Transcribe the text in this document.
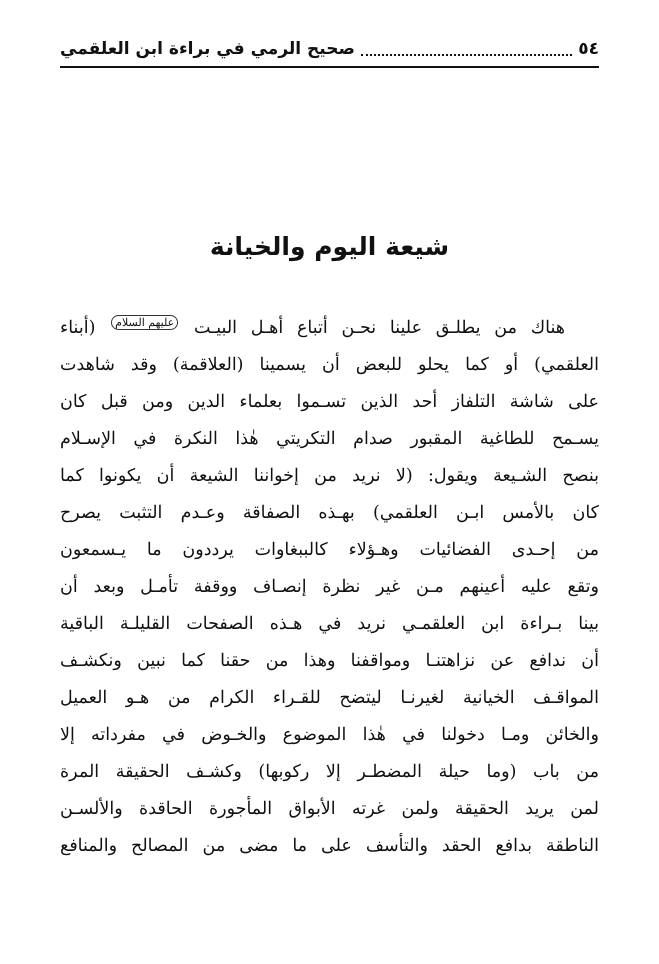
٥٤
صحيح الرمي في براءة ابن العلقمي
شيعة اليوم والخيانة
هناك من يطلـق علينا نحـن أتباع أهـل البيـت عليهم السلام (أبناء
العلقمي) أو كما يحلو للبعض أن يسمينا (العلاقمة) وقد شاهدت
على شاشة التلفاز أحد الذين تسـموا بعلماء الدين ومن قبل كان
يسـمح للطاغية المقبور صدام التكريتي هٰذا النكرة في الإسـلام
بنصح الشـيعة ويقول: (لا نريد من إخواننا الشيعة أن يكونوا كما
كان بالأمس ابـن العلقمي) بهـذه الصفاقة وعـدم التثبت يصرح
من إحـدى الفضائيات وهـؤلاء كالببغاوات يرددون ما يـسمعون
وتقع عليه أعينهم مـن غير نظرة إنصـاف ووقفة تأمـل وبعد أن
بينا بـراءة ابن العلقمـي نريد في هـذه الصفحات القليلـة الباقية
أن ندافع عن نزاهتنـا ومواقفنا وهذا من حقنا كما نبين ونكشـف
المواقـف الخيانية لغيرنـا ليتضح للقـراء الكرام من هـو العميل
والخائن ومـا دخولنا في هٰذا الموضوع والخـوض في مفرداته إلا
من باب (وما حيلة المضطـر إلا ركوبها) وكشـف الحقيقة المرة
لمن يريد الحقيقة ولمن غرته الأبواق المأجورة الحاقدة والألسـن
الناطقة بدافع الحقد والتأسف على ما مضى من المصالح والمنافع
